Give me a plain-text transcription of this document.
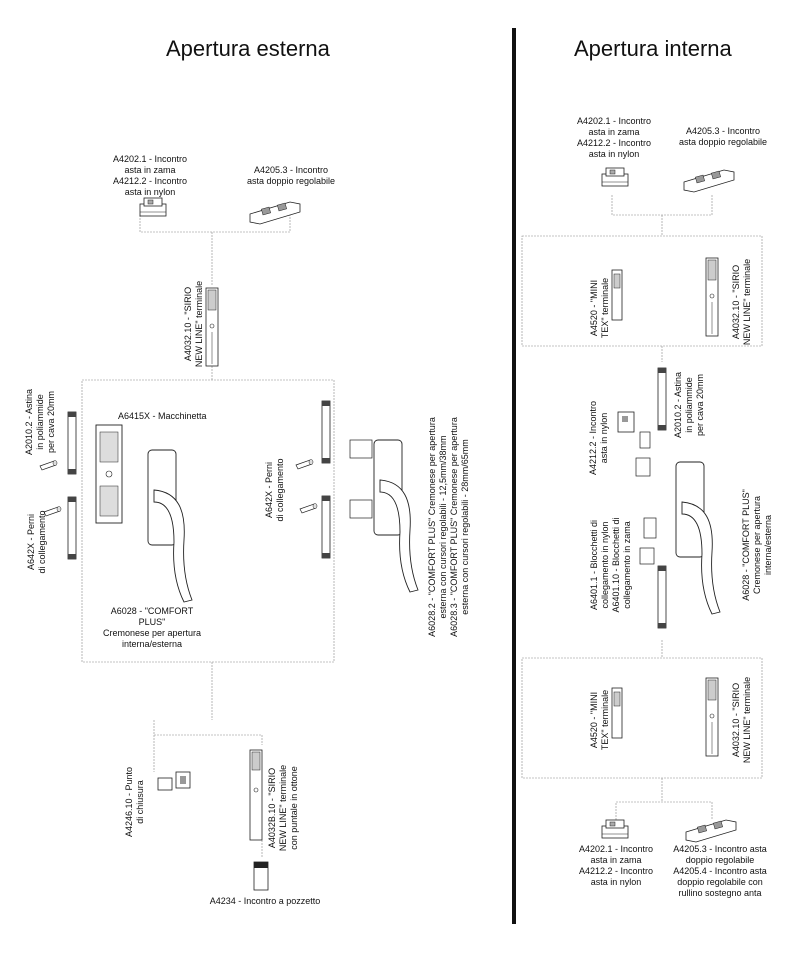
Apertura esterna	Apertura interna
A4202.1 - Incontro
asta in zama
A4212.2 - Incontro
asta in nylon
A4205.3 - Incontro
asta doppio regolabile
A4032.10 - "SIRIO
NEW LINE" terminale
A2010.2 - Astina
in poliammide
per cava 20mm
A642X - Perni
di collegamento
A6415X - Macchinetta
A642X - Perni
di collegamento
A6028.2 - "COMFORT PLUS" Cremonese per apertura
esterna con cursori regolabili - 12,5mm/38mm
A6028.3 - "COMFORT PLUS" Cremonese per apertura
esterna con cursori regolabili - 28mm/65mm
A6028 - "COMFORT
PLUS"
Cremonese per apertura
interna/esterna
A4246.10 - Punto
di chiusura
A4032B.10 - "SIRIO
NEW LINE" terminale
con puntale in ottone
A4234 - Incontro a pozzetto
A4202.1 - Incontro
asta in zama
A4212.2 - Incontro
asta in nylon
A4205.3 - Incontro
asta doppio regolabile
A4520 - "MINI
TEX" terminale
A4032.10 - "SIRIO
NEW LINE" terminale
A4212.2 - Incontro
asta in nylon	A2010.2 - Astina
in poliammide
per cava 20mm
A6401.1 - Blocchetti di
collegamento in nylon
A6401.10 - Blocchetti di
collegamento in zama
A6028 - "COMFORT PLUS"
Cremonese per apertura
interna/esterna
A4520 - "MINI
TEX" terminale
A4032.10 - "SIRIO
NEW LINE" terminale
A4202.1 - Incontro
asta in zama
A4212.2 - Incontro
asta in nylon
A4205.3 - Incontro asta
doppio regolabile
A4205.4 - Incontro asta
doppio regolabile con
rullino sostegno anta
